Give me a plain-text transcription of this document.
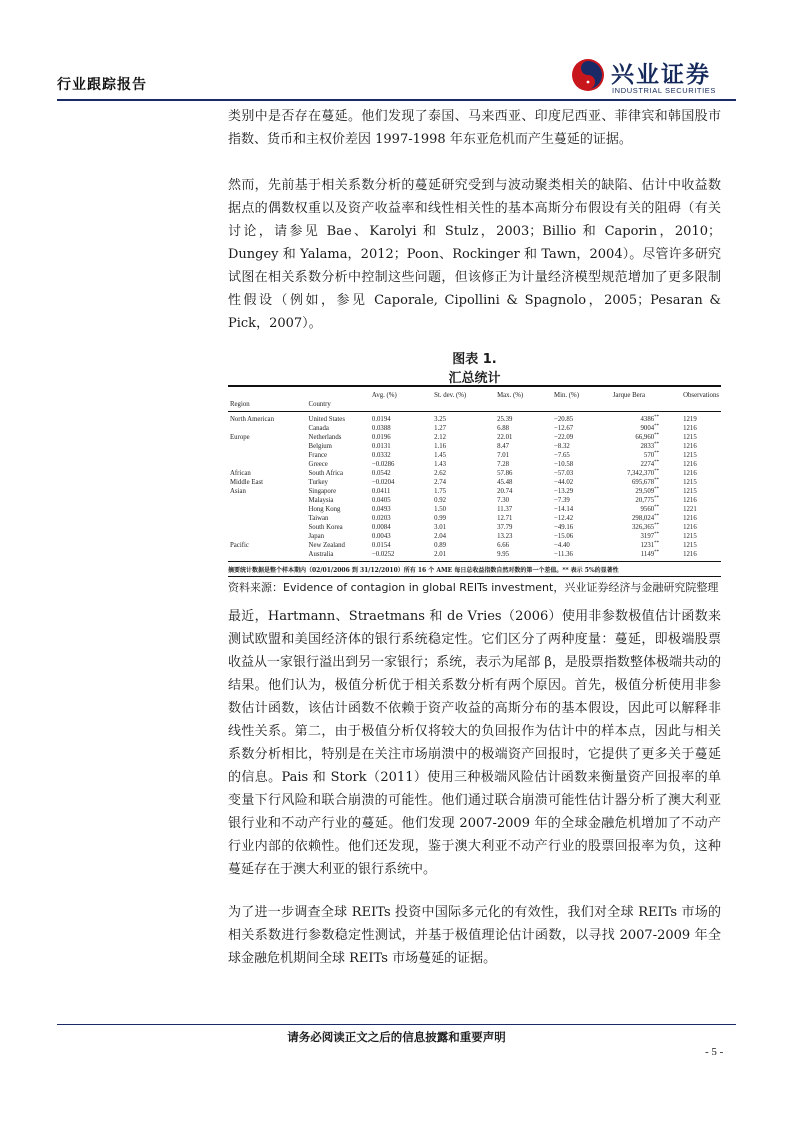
行业跟踪报告	兴业证券
INDUSTRIAL SECURITIES

类别中是否存在蔓延。他们发现了泰国、马来西亚、印度尼西亚、菲律宾和韩国股市指数、货币和主权价差因 1997-1998 年东亚危机而产生蔓延的证据。

然而，先前基于相关系数分析的蔓延研究受到与波动聚类相关的缺陷、估计中收益数据点的偶数权重以及资产收益率和线性相关性的基本高斯分布假设有关的阻碍（有关讨论，请参见 Bae、Karolyi 和 Stulz，2003；Billio 和 Caporin，2010；Dungey 和 Yalama，2012；Poon、Rockinger 和 Tawn，2004）。尽管许多研究试图在相关系数分析中控制这些问题，但该修正为计量经济模型规范增加了更多限制性假设（例如，参见 Caporale, Cipollini & Spagnolo，2005；Pesaran & Pick，2007）。

图表 1.
汇总统计
		Avg. (%)	St. dev. (%)	Max. (%)	Min. (%)	Jarque Bera	Observations
Region	Country						
North American	United States	0.0194	3.25	25.39	−20.85	4386**	1219
	Canada	0.0388	1.27	6.88	−12.67	9004**	1216
Europe	Netherlands	0.0196	2.12	22.01	−22.09	66,960**	1215
	Belgium	0.0131	1.16	8.47	−8.32	2833**	1216
	France	0.0332	1.45	7.01	−7.65	570**	1215
	Greece	−0.0286	1.43	7.28	−10.58	2274**	1216
African	South Africa	0.0542	2.62	57.86	−57.03	7,342,370**	1216
Middle East	Turkey	−0.0204	2.74	45.48	−44.02	695,678**	1215
Asian	Singapore	0.0411	1.75	20.74	−13.29	29,509**	1215
	Malaysia	0.0405	0.92	7.30	−7.39	20,775**	1216
	Hong Kong	0.0493	1.50	11.37	−14.14	9560**	1221
	Taiwan	0.0203	0.99	12.71	−12.42	298,024**	1216
	South Korea	0.0084	3.01	37.79	−49.16	326,365**	1216
	Japan	0.0043	2.04	13.23	−15.06	3197**	1215
Pacific	New Zealand	0.0154	0.89	6.66	−4.40	1231**	1215
	Australia	−0.0252	2.01	9.95	−11.36	1149**	1216
摘要统计数据是整个样本期内（02/01/2006 到 31/12/2010）所有 16 个 AME 每日总收益指数自然对数的第一个差值。** 表示 5%的显著性
资料来源：Evidence of contagion in global REITs investment，兴业证券经济与金融研究院整理

最近，Hartmann、Straetmans 和 de Vries（2006）使用非参数极值估计函数来测试欧盟和美国经济体的银行系统稳定性。它们区分了两种度量：蔓延，即极端股票收益从一家银行溢出到另一家银行；系统，表示为尾部 β，是股票指数整体极端共动的结果。他们认为，极值分析优于相关系数分析有两个原因。首先，极值分析使用非参数估计函数，该估计函数不依赖于资产收益的高斯分布的基本假设，因此可以解释非线性关系。第二，由于极值分析仅将较大的负回报作为估计中的样本点，因此与相关系数分析相比，特别是在关注市场崩溃中的极端资产回报时，它提供了更多关于蔓延的信息。Pais 和 Stork（2011）使用三种极端风险估计函数来衡量资产回报率的单变量下行风险和联合崩溃的可能性。他们通过联合崩溃可能性估计器分析了澳大利亚银行业和不动产行业的蔓延。他们发现 2007-2009 年的全球金融危机增加了不动产行业内部的依赖性。他们还发现，鉴于澳大利亚不动产行业的股票回报率为负，这种蔓延存在于澳大利亚的银行系统中。

为了进一步调查全球 REITs 投资中国际多元化的有效性，我们对全球 REITs 市场的相关系数进行参数稳定性测试，并基于极值理论估计函数，以寻找 2007-2009 年全球金融危机期间全球 REITs 市场蔓延的证据。

请务必阅读正文之后的信息披露和重要声明
- 5 -
